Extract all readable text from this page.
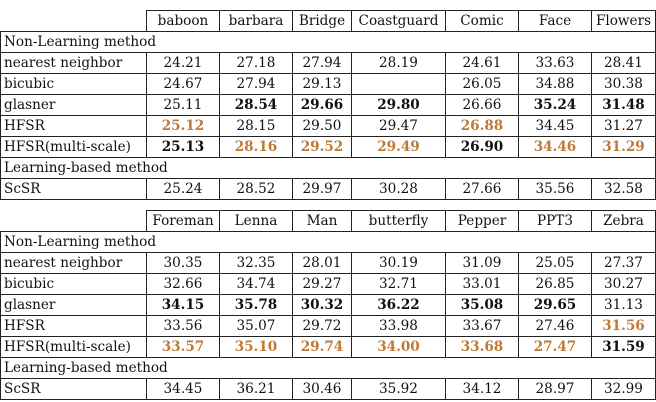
	baboon	barbara	Bridge	Coastguard	Comic	Face	Flowers
Non-Learning method							
nearest neighbor	24.21	27.18	27.94	28.19	24.61	33.63	28.41
bicubic	24.67	27.94	29.13		26.05	34.88	30.38
glasner	25.11	28.54	29.66	29.80	26.66	35.24	31.48
HFSR	25.12	28.15	29.50	29.47	26.88	34.45	31.27
HFSR(multi-scale)	25.13	28.16	29.52	29.49	26.90	34.46	31.29
Learning-based method							
ScSR	25.24	28.52	29.97	30.28	27.66	35.56	32.58
	Foreman	Lenna	Man	butterfly	Pepper	PPT3	Zebra
Non-Learning method							
nearest neighbor	30.35	32.35	28.01	30.19	31.09	25.05	27.37
bicubic	32.66	34.74	29.27	32.71	33.01	26.85	30.27
glasner	34.15	35.78	30.32	36.22	35.08	29.65	31.13
HFSR	33.56	35.07	29.72	33.98	33.67	27.46	31.56
HFSR(multi-scale)	33.57	35.10	29.74	34.00	33.68	27.47	31.59
Learning-based method							
ScSR	34.45	36.21	30.46	35.92	34.12	28.97	32.99
